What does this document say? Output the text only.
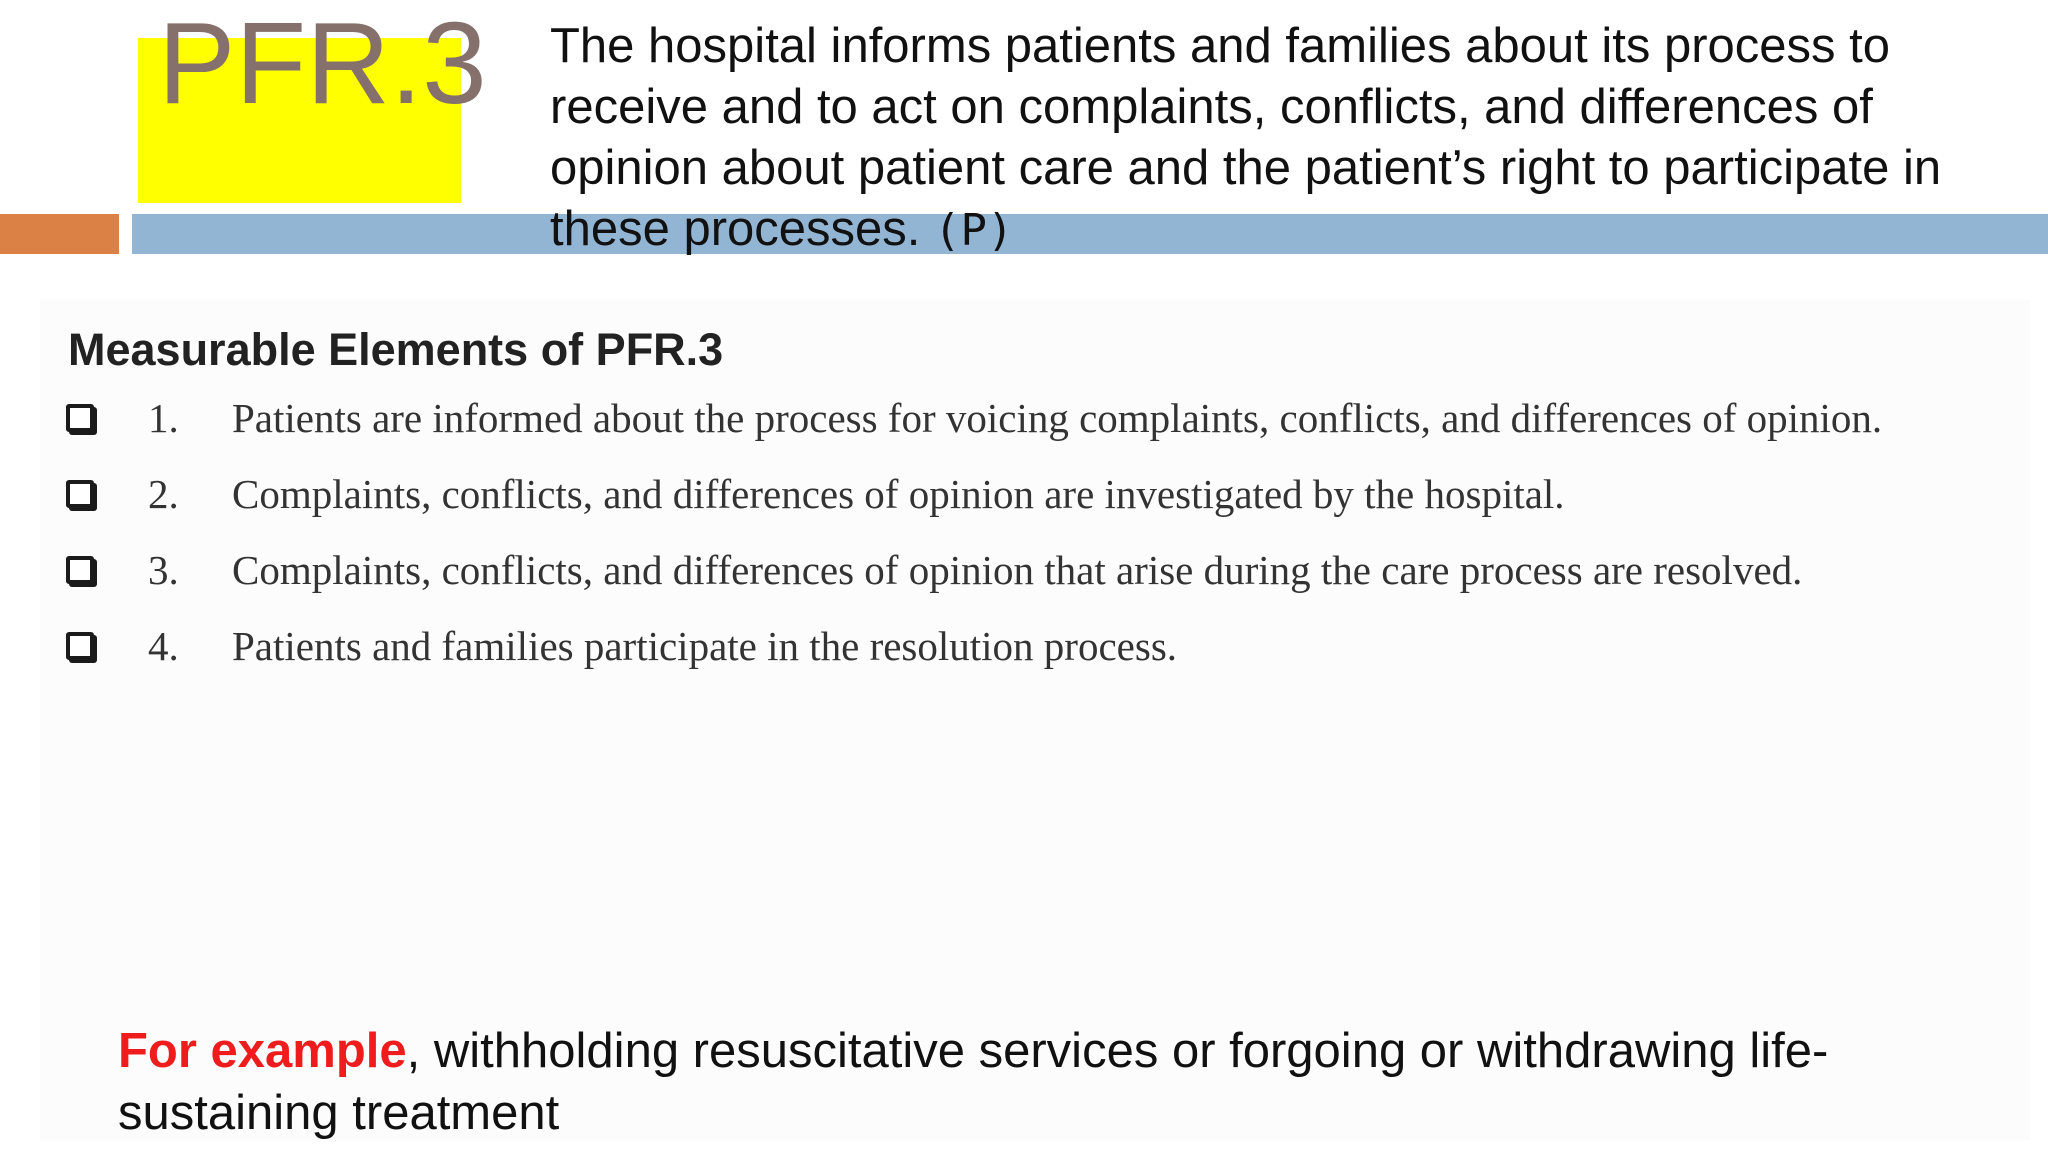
PFR.3 The hospital informs patients and families about its process to receive and to act on complaints, conflicts, and differences of opinion about patient care and the patient’s right to participate in these processes. (P)
Measurable Elements of PFR.3
1.	Patients are informed about the process for voicing complaints, conflicts, and differences of opinion.
2.	Complaints, conflicts, and differences of opinion are investigated by the hospital.
3.	Complaints, conflicts, and differences of opinion that arise during the care process are resolved.
4.	Patients and families participate in the resolution process.
For example, withholding resuscitative services or forgoing or withdrawing life-sustaining treatment
